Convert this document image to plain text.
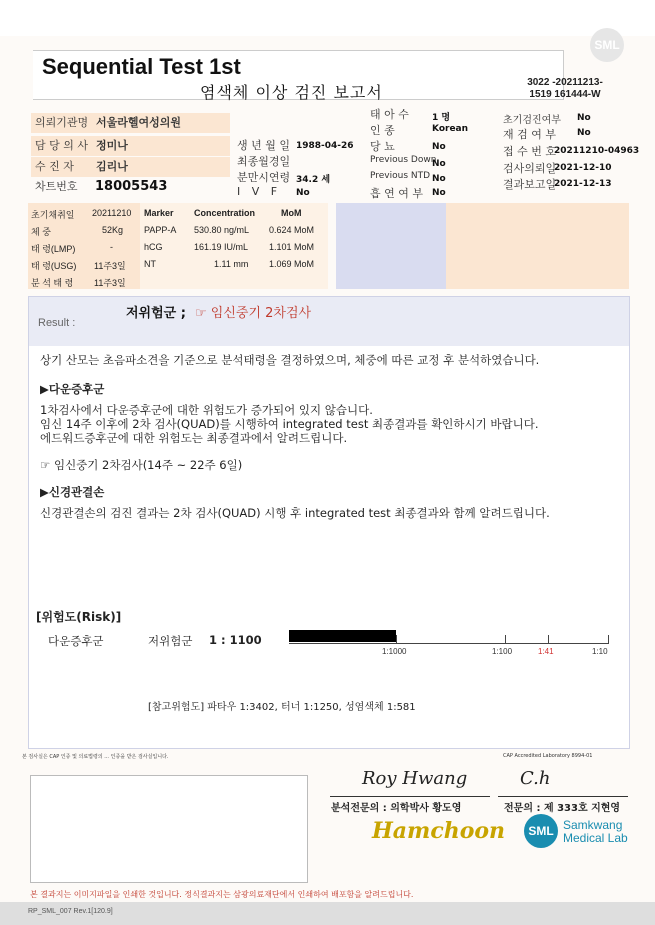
SML
Sequential Test 1st
염색체 이상 검진 보고서
3022 -20211213-1519 161444-W
의뢰기관명 서울라헬여성의원
담 당 의 사 정미나
수 진 자	김리나
차트번호	18005543
생 년 월 일 1988-04-26
최종월경일
분만시연령 34.2 세
I V F No
태 아 수	1 명
인 종	Korean
당 뇨	No
Previous Down
No
Previous NTD No
흡 연 여 부 No
초기검진여부 No
재 검 여 부 No
접 수 번 호
20211210-04963
검사의뢰일
2021-12-10
결과보고일
2021-12-13
초기채취일 20211210
체 중	52Kg
태 령(LMP)	-
태 령(USG) 11주3일
분 석 태 령 11주3일
Marker Concentration	MoM
PAPP-A 530.80 ng/mL 0.624 MoM
hCG	161.19 IU/mL 1.101 MoM
NT	1.11 mm 1.069 MoM
Result :
저위험군 ; ☞ 임신중기 2차검사
상기 산모는 초음파소견을 기준으로 분석태령을 결정하였으며, 체중에 따른 교정 후 분석하였습니다.
▶다운증후군
1차검사에서 다운증후군에 대한 위험도가 증가되어 있지 않습니다.
임신 14주 이후에 2차 검사(QUAD)를 시행하여 integrated test 최종결과를 확인하시기 바랍니다.
에드워드증후군에 대한 위험도는 최종결과에서 알려드립니다.
☞ 임신중기 2차검사(14주 ~ 22주 6일)
▶신경관결손
신경관결손의 검진 결과는 2차 검사(QUAD) 시행 후 integrated test 최종결과와 함께 알려드립니다.
[위험도(Risk)]
다운증후군	저위험군 1 : 1100
1:1000	1:100	1:41	1:10
[참고위험도] 파타우 1:3402, 터너 1:1250, 성염색체 1:581
본 검사실은 CAP 인증 및 의료법령의 ... 인증을 받은 검사실입니다.	CAP Accredited Laboratory 8994-01
Roy Hwang	C.h
분석전문의 : 의학박사 황도영	전문의 : 제 333호 지현영
Hamchoon	SML Samkwang
Medical Lab
본 결과지는 이미지파일을 인쇄한 것입니다. 정식결과지는 삼광의료재단에서 인쇄하여 배포함을 알려드립니다.
RP_SML_007 Rev.1[120.9]
